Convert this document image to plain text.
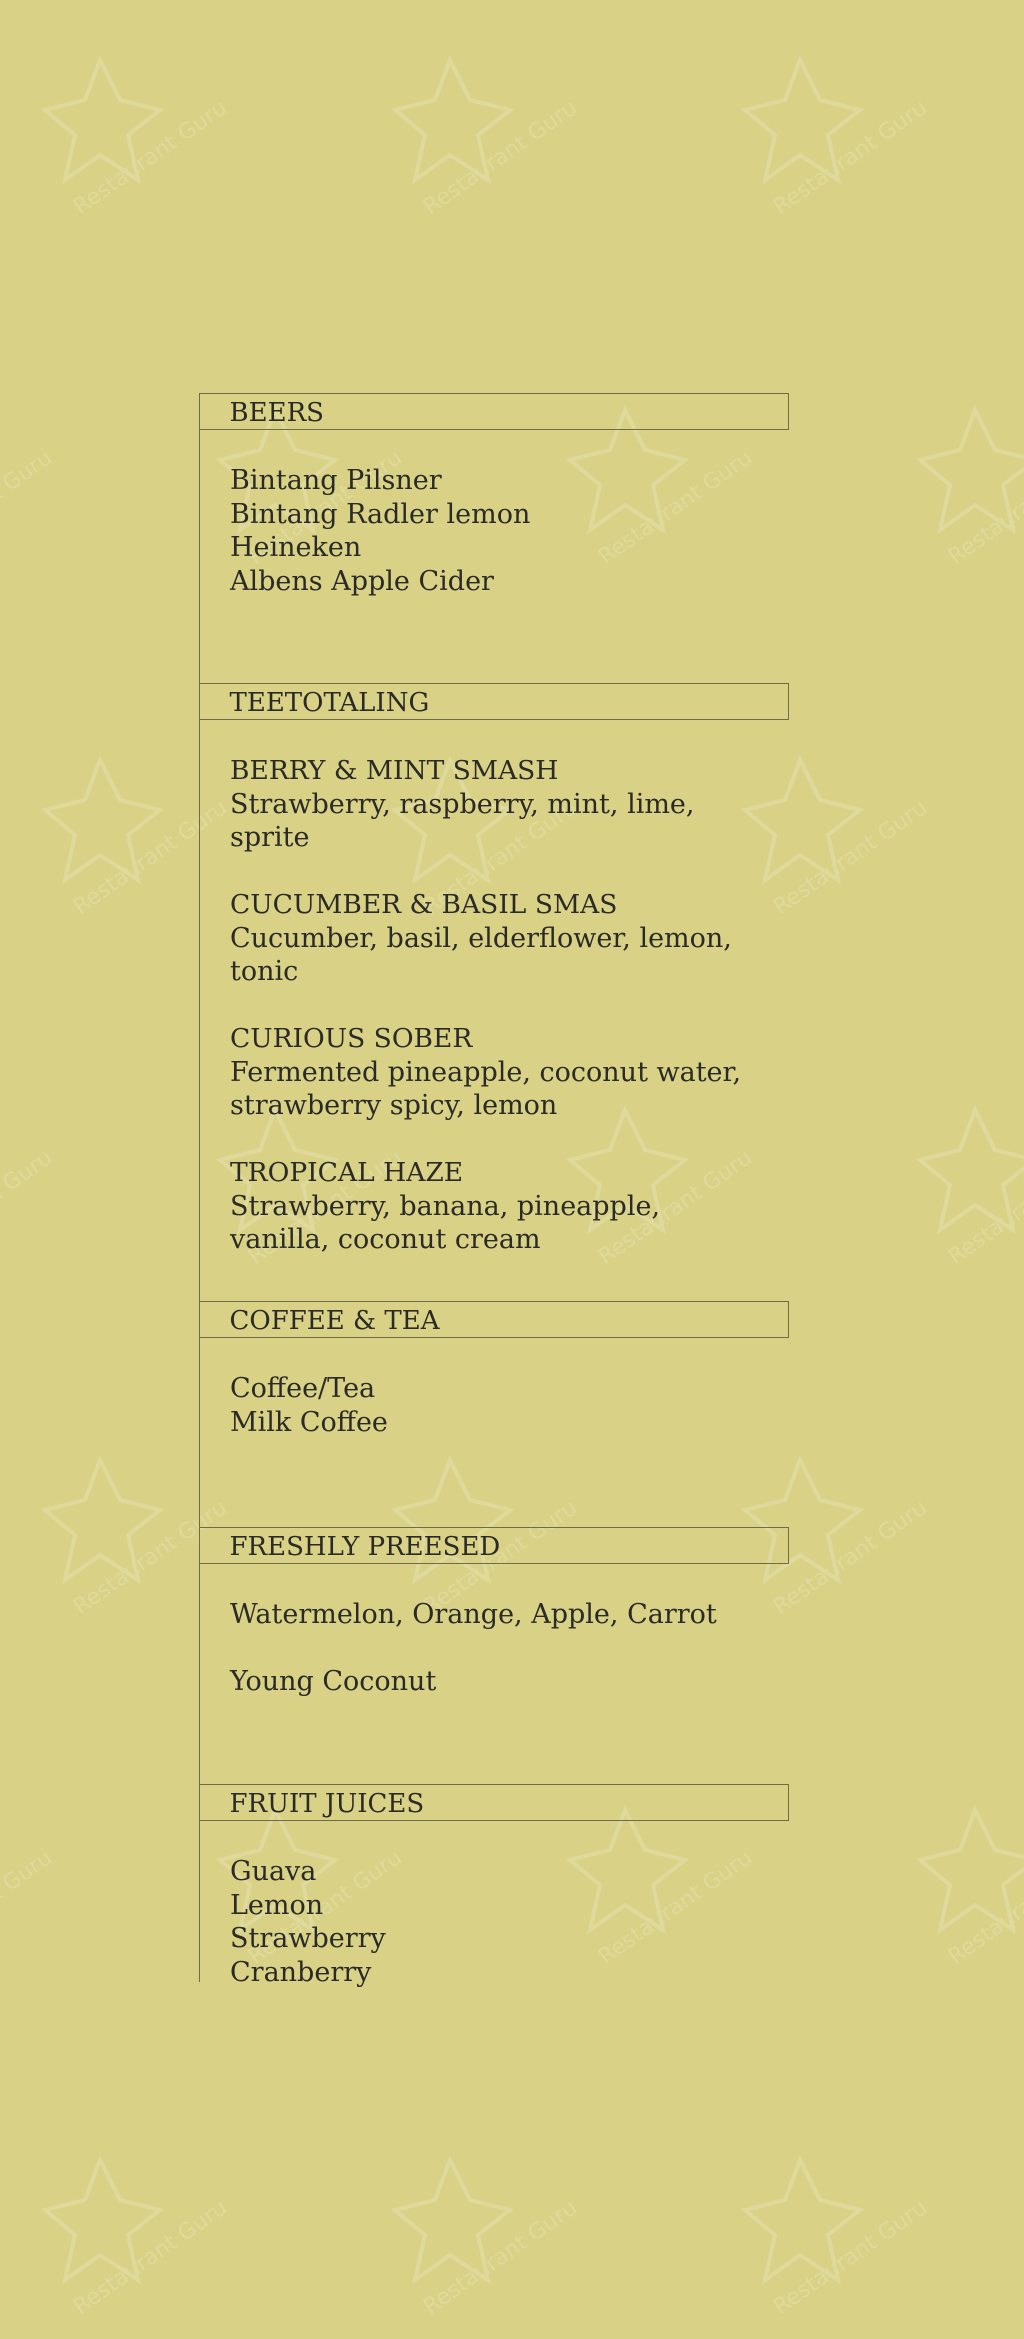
Restaurant Guru
BEERS
Bintang Pilsner
Bintang Radler lemon
Heineken
Albens Apple Cider
TEETOTALING
BERRY & MINT SMASH
Strawberry, raspberry, mint, lime, sprite
CUCUMBER & BASIL SMAS
Cucumber, basil, elderflower, lemon, tonic
CURIOUS SOBER
Fermented pineapple, coconut water, strawberry spicy, lemon
TROPICAL HAZE
Strawberry, banana, pineapple, vanilla, coconut cream
COFFEE & TEA
Coffee/Tea
Milk Coffee
FRESHLY PREESED
Watermelon, Orange, Apple, Carrot
Young Coconut
FRUIT JUICES
Guava
Lemon
Strawberry
Cranberry
